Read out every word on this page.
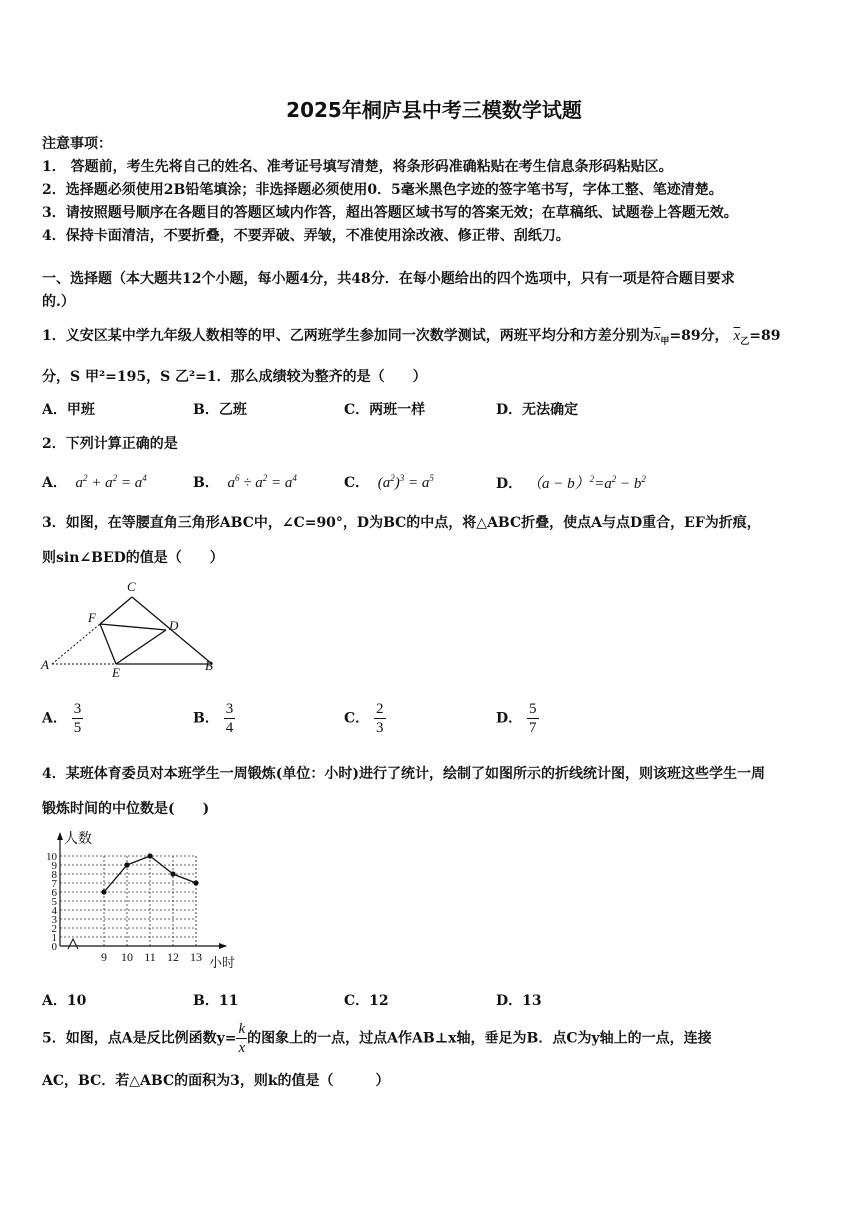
2025年桐庐县中考三模数学试题
注意事项：
1． 答题前，考生先将自己的姓名、准考证号填写清楚，将条形码准确粘贴在考生信息条形码粘贴区。
2．选择题必须使用2B铅笔填涂；非选择题必须使用0．5毫米黑色字迹的签字笔书写，字体工整、笔迹清楚。
3．请按照题号顺序在各题目的答题区域内作答，超出答题区域书写的答案无效；在草稿纸、试题卷上答题无效。
4．保持卡面清洁，不要折叠，不要弄破、弄皱，不准使用涂改液、修正带、刮纸刀。
一、选择题（本大题共12个小题，每小题4分，共48分．在每小题给出的四个选项中，只有一项是符合题目要求
的.）
1．义安区某中学九年级人数相等的甲、乙两班学生参加同一次数学测试，两班平均分和方差分别为$\overline{x}_甲=89$分， $\overline{x}_乙=89$
分，S 甲²=195，S 乙²=1．那么成绩较为整齐的是（　　）
A．甲班	B．乙班	C．两班一样	D．无法确定
2．下列计算正确的是
A．  $a^2 + a^2 = a^4$	B．  $a^6 \div a^2 = a^4$	C．  $(a^2)^3 = a^5$	D． $(a - b)^2=a^2 - b^2$
3．如图，在等腰直角三角形ABC中，∠C=90°，D为BC的中点，将△ABC折叠，使点A与点D重合，EF为折痕，
则sin∠BED的值是（　　）
C
F
D
A
E	B
A． $\frac{3}{5}$	B． $\frac{3}{4}$	C． $\frac{2}{3}$	D． $\frac{5}{7}$
4．某班体育委员对本班学生一周锻炼(单位：小时)进行了统计，绘制了如图所示的折线统计图，则该班这些学生一周
锻炼时间的中位数是(　　)
0
1
2
3
4
5
6
7
8
9
10
9 10 11 12 13
人数
小时
A．10	B．11	C．12	D．13
5．如图，点A是反比例函数$y= \frac{k}{x}$ 的图象上的一点，过点A作AB⊥x轴，垂足为B．点C为y轴上的一点，连接
AC，BC．若△ABC的面积为3，则k的值是（　　　）
